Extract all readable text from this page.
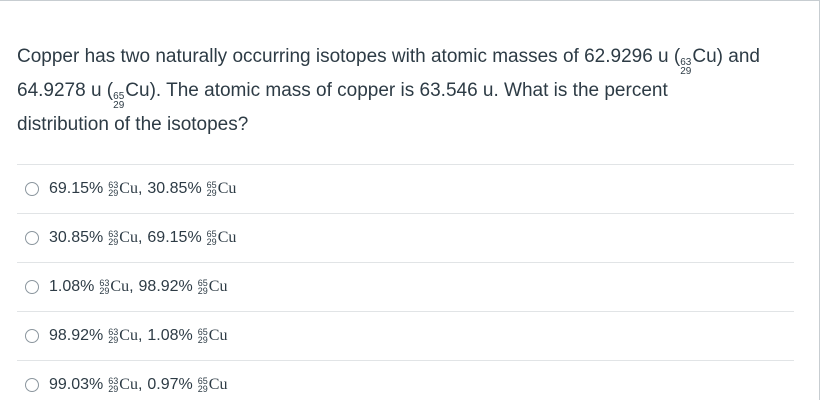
Copper has two naturally occurring isotopes with atomic masses of 62.9296 u ( 63
29
Cu) and
64.9278 u ( 65
29
Cu). The atomic mass of copper is 63.546 u. What is the percent
distribution of the isotopes?
69.15% 63
29 Cu , 30.85% 65
29 Cu
30.85% 63
29 Cu , 69.15% 65
29 Cu
1.08% 63
29 Cu , 98.92% 65
29 Cu
98.92% 63
29 Cu , 1.08% 65
29 Cu
99.03% 63
29 Cu , 0.97% 65
29 Cu
